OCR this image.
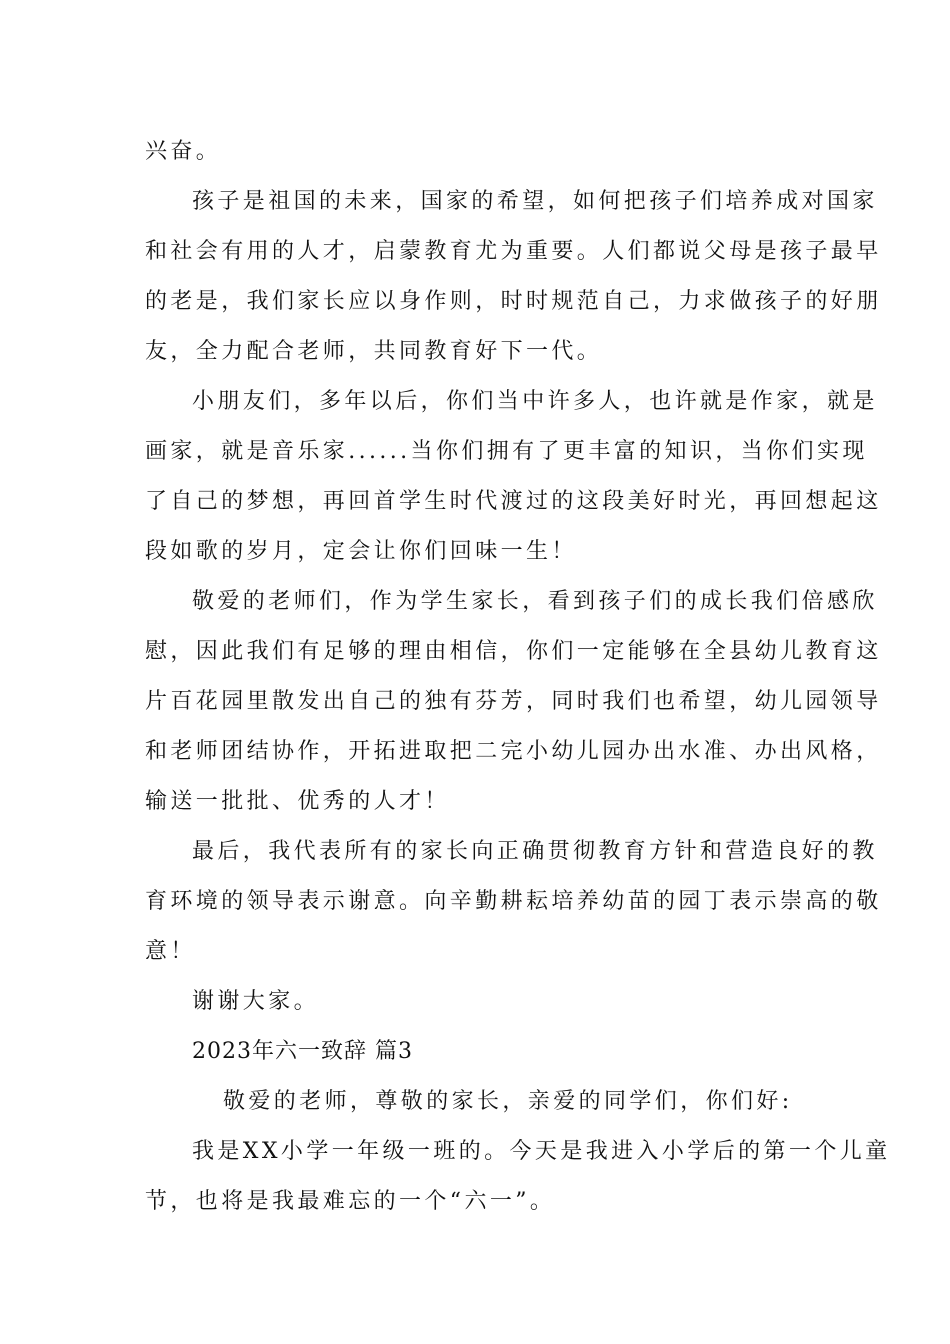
兴奋。
孩子是祖国的未来，国家的希望，如何把孩子们培养成对国家
和社会有用的人才，启蒙教育尤为重要。人们都说父母是孩子最早
的老是，我们家长应以身作则，时时规范自己，力求做孩子的好朋
友，全力配合老师，共同教育好下一代。
小朋友们，多年以后，你们当中许多人，也许就是作家，就是
画家，就是音乐家......当你们拥有了更丰富的知识，当你们实现
了自己的梦想，再回首学生时代渡过的这段美好时光，再回想起这
段如歌的岁月，定会让你们回味一生！
敬爱的老师们，作为学生家长，看到孩子们的成长我们倍感欣
慰，因此我们有足够的理由相信，你们一定能够在全县幼儿教育这
片百花园里散发出自己的独有芬芳，同时我们也希望，幼儿园领导
和老师团结协作，开拓进取把二完小幼儿园办出水准、办出风格，
输送一批批、优秀的人才！
最后，我代表所有的家长向正确贯彻教育方针和营造良好的教
育环境的领导表示谢意。向辛勤耕耘培养幼苗的园丁表示崇高的敬
意！
谢谢大家。
2023年六一致辞 篇3
敬爱的老师，尊敬的家长，亲爱的同学们，你们好:
我是XX小学一年级一班的。今天是我进入小学后的第一个儿童
节，也将是我最难忘的一个“六一”。
